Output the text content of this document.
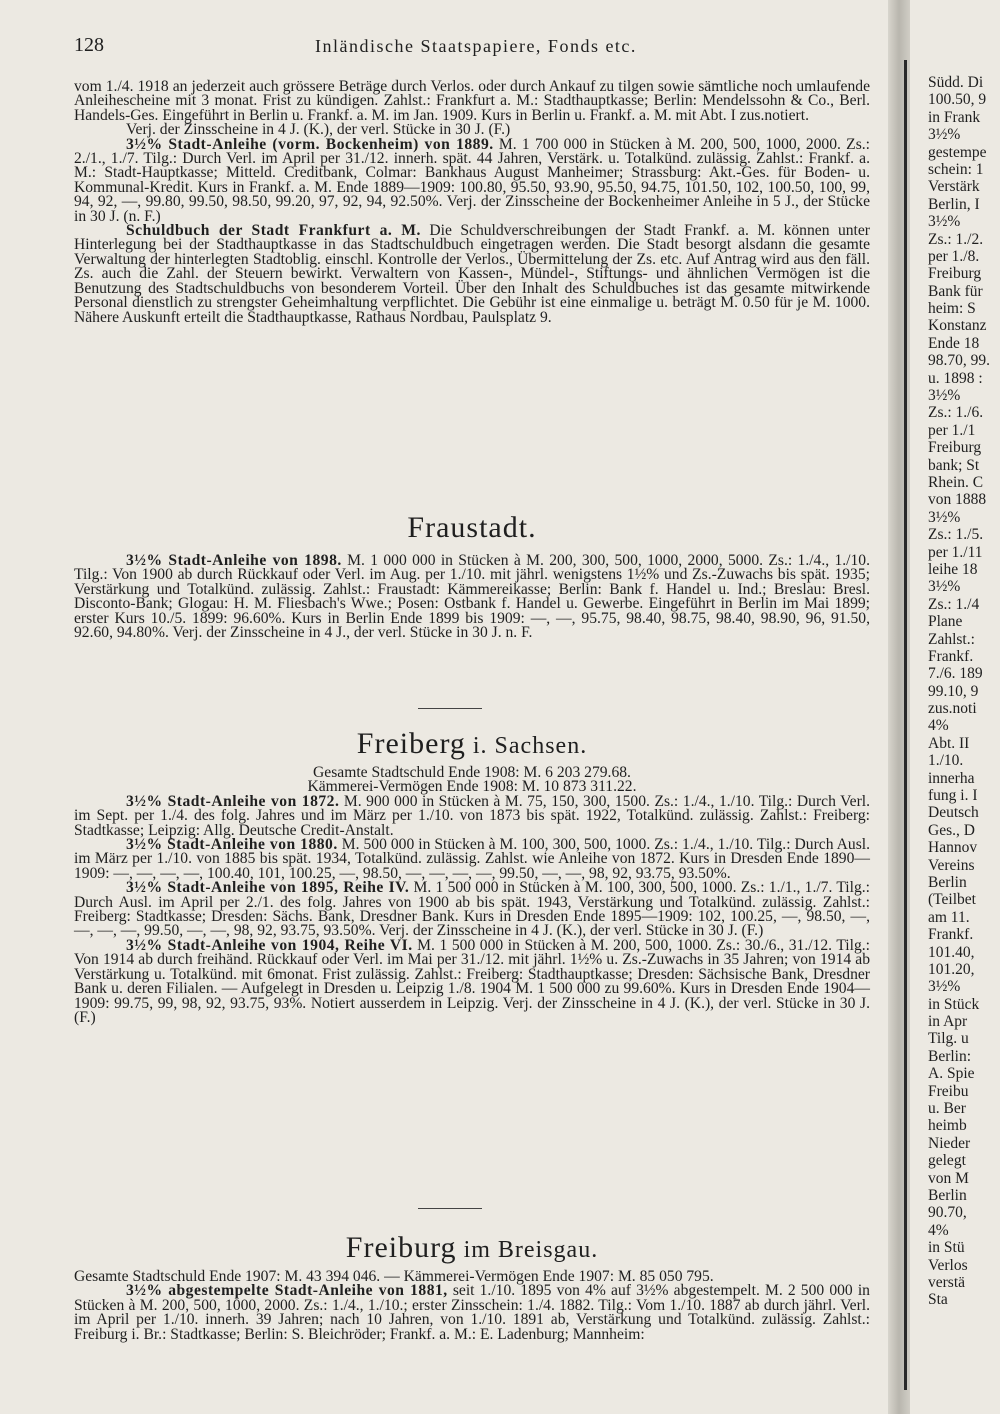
128	Inländische Staatspapiere, Fonds etc.

vom 1./4. 1918 an jederzeit auch grössere Beträge durch Verlos. oder durch Ankauf zu tilgen sowie sämtliche noch umlaufende Anleihescheine mit 3 monat. Frist zu kündigen. Zahlst.: Frankfurt a. M.: Stadthauptkasse; Berlin: Mendelssohn & Co., Berl. Handels-Ges. Eingeführt in Berlin u. Frankf. a. M. im Jan. 1909. Kurs in Berlin u. Frankf. a. M. mit Abt. I zus.notiert.

Verj. der Zinsscheine in 4 J. (K.), der verl. Stücke in 30 J. (F.)

3½% Stadt-Anleihe (vorm. Bockenheim) von 1889. M. 1 700 000 in Stücken à M. 200, 500, 1000, 2000. Zs.: 2./1., 1./7. Tilg.: Durch Verl. im April per 31./12. innerh. spät. 44 Jahren, Verstärk. u. Totalkünd. zulässig. Zahlst.: Frankf. a. M.: Stadt-Hauptkasse; Mitteld. Creditbank, Colmar: Bankhaus August Manheimer; Strassburg: Akt.-Ges. für Boden- u. Kommunal-Kredit. Kurs in Frankf. a. M. Ende 1889—1909: 100.80, 95.50, 93.90, 95.50, 94.75, 101.50, 102, 100.50, 100, 99, 94, 92, —, 99.80, 99.50, 98.50, 99.20, 97, 92, 94, 92.50%. Verj. der Zinsscheine der Bockenheimer Anleihe in 5 J., der Stücke in 30 J. (n. F.)

Schuldbuch der Stadt Frankfurt a. M. Die Schuldverschreibungen der Stadt Frankf. a. M. können unter Hinterlegung bei der Stadthauptkasse in das Stadtschuldbuch eingetragen werden. Die Stadt besorgt alsdann die gesamte Verwaltung der hinterlegten Stadtoblig. einschl. Kontrolle der Verlos., Übermittelung der Zs. etc. Auf Antrag wird aus den fäll. Zs. auch die Zahl. der Steuern bewirkt. Verwaltern von Kassen-, Mündel-, Stiftungs- und ähnlichen Vermögen ist die Benutzung des Stadtschuldbuchs von besonderem Vorteil. Über den Inhalt des Schuldbuches ist das gesamte mitwirkende Personal dienstlich zu strengster Geheimhaltung verpflichtet. Die Gebühr ist eine einmalige u. beträgt M. 0.50 für je M. 1000. Nähere Auskunft erteilt die Stadthauptkasse, Rathaus Nordbau, Paulsplatz 9.

Fraustadt.

3½% Stadt-Anleihe von 1898. M. 1 000 000 in Stücken à M. 200, 300, 500, 1000, 2000, 5000. Zs.: 1./4., 1./10. Tilg.: Von 1900 ab durch Rückkauf oder Verl. im Aug. per 1./10. mit jährl. wenigstens 1½% und Zs.-Zuwachs bis spät. 1935; Verstärkung und Totalkünd. zulässig. Zahlst.: Fraustadt: Kämmereikasse; Berlin: Bank f. Handel u. Ind.; Breslau: Bresl. Disconto-Bank; Glogau: H. M. Fliesbach's Wwe.; Posen: Ostbank f. Handel u. Gewerbe. Eingeführt in Berlin im Mai 1899; erster Kurs 10./5. 1899: 96.60%. Kurs in Berlin Ende 1899 bis 1909: —, —, 95.75, 98.40, 98.75, 98.40, 98.90, 96, 91.50, 92.60, 94.80%. Verj. der Zinsscheine in 4 J., der verl. Stücke in 30 J. n. F.

Freiberg i. Sachsen.

Gesamte Stadtschuld Ende 1908: M. 6 203 279.68.

Kämmerei-Vermögen Ende 1908: M. 10 873 311.22.

3½% Stadt-Anleihe von 1872. M. 900 000 in Stücken à M. 75, 150, 300, 1500. Zs.: 1./4., 1./10. Tilg.: Durch Verl. im Sept. per 1./4. des folg. Jahres und im März per 1./10. von 1873 bis spät. 1922, Totalkünd. zulässig. Zahlst.: Freiberg: Stadtkasse; Leipzig: Allg. Deutsche Credit-Anstalt.

3½% Stadt-Anleihe von 1880. M. 500 000 in Stücken à M. 100, 300, 500, 1000. Zs.: 1./4., 1./10. Tilg.: Durch Ausl. im März per 1./10. von 1885 bis spät. 1934, Totalkünd. zulässig. Zahlst. wie Anleihe von 1872. Kurs in Dresden Ende 1890—1909: —, —, —, —, 100.40, 101, 100.25, —, 98.50, —, —, —, —, 99.50, —, —, 98, 92, 93.75, 93.50%.

3½% Stadt-Anleihe von 1895, Reihe IV. M. 1 500 000 in Stücken à M. 100, 300, 500, 1000. Zs.: 1./1., 1./7. Tilg.: Durch Ausl. im April per 2./1. des folg. Jahres von 1900 ab bis spät. 1943, Verstärkung und Totalkünd. zulässig. Zahlst.: Freiberg: Stadtkasse; Dresden: Sächs. Bank, Dresdner Bank. Kurs in Dresden Ende 1895—1909: 102, 100.25, —, 98.50, —, —, —, —, 99.50, —, —, 98, 92, 93.75, 93.50%. Verj. der Zinsscheine in 4 J. (K.), der verl. Stücke in 30 J. (F.)

3½% Stadt-Anleihe von 1904, Reihe VI. M. 1 500 000 in Stücken à M. 200, 500, 1000. Zs.: 30./6., 31./12. Tilg.: Von 1914 ab durch freihänd. Rückkauf oder Verl. im Mai per 31./12. mit jährl. 1½% u. Zs.-Zuwachs in 35 Jahren; von 1914 ab Verstärkung u. Totalkünd. mit 6monat. Frist zulässig. Zahlst.: Freiberg: Stadthauptkasse; Dresden: Sächsische Bank, Dresdner Bank u. deren Filialen. — Aufgelegt in Dresden u. Leipzig 1./8. 1904 M. 1 500 000 zu 99.60%. Kurs in Dresden Ende 1904—1909: 99.75, 99, 98, 92, 93.75, 93%. Notiert ausserdem in Leipzig. Verj. der Zinsscheine in 4 J. (K.), der verl. Stücke in 30 J. (F.)

Freiburg im Breisgau.

Gesamte Stadtschuld Ende 1907: M. 43 394 046. — Kämmerei-Vermögen Ende 1907: M. 85 050 795.

3½% abgestempelte Stadt-Anleihe von 1881, seit 1./10. 1895 von 4% auf 3½% abgestempelt. M. 2 500 000 in Stücken à M. 200, 500, 1000, 2000. Zs.: 1./4., 1./10.; erster Zinsschein: 1./4. 1882. Tilg.: Vom 1./10. 1887 ab durch jährl. Verl. im April per 1./10. innerh. 39 Jahren; nach 10 Jahren, von 1./10. 1891 ab, Verstärkung und Totalkünd. zulässig. Zahlst.: Freiburg i. Br.: Stadtkasse; Berlin: S. Bleichröder; Frankf. a. M.: E. Ladenburg; Mannheim:

Südd. Di
100.50, 9
in Frank
3½%
gestempe
schein: 1
Verstärk
Berlin, I
3½%
Zs.: 1./2.
per 1./8.
Freiburg
Bank für
heim: S
Konstanz
Ende 18
98.70, 99.
u. 1898 :
3½%
Zs.: 1./6.
per 1./1
Freiburg
bank; St
Rhein. C
von 1888
3½%
Zs.: 1./5.
per 1./11
leihe 18
3½%
Zs.: 1./4
Plane
Zahlst.:
Frankf.
7./6. 189
99.10, 9
zus.noti
4%
Abt. II
1./10.
innerha
fung i. I
Deutsch
Ges., D
Hannov
Vereins
Berlin
(Teilbet
am 11.
Frankf.
101.40,
101.20,
3½%
in Stück
in Apr
Tilg. u
Berlin:
A. Spie
Freibu
u. Ber
heimb
Nieder
gelegt
von M
Berlin
90.70,
4%
in Stü
Verlos
verstä
Sta
